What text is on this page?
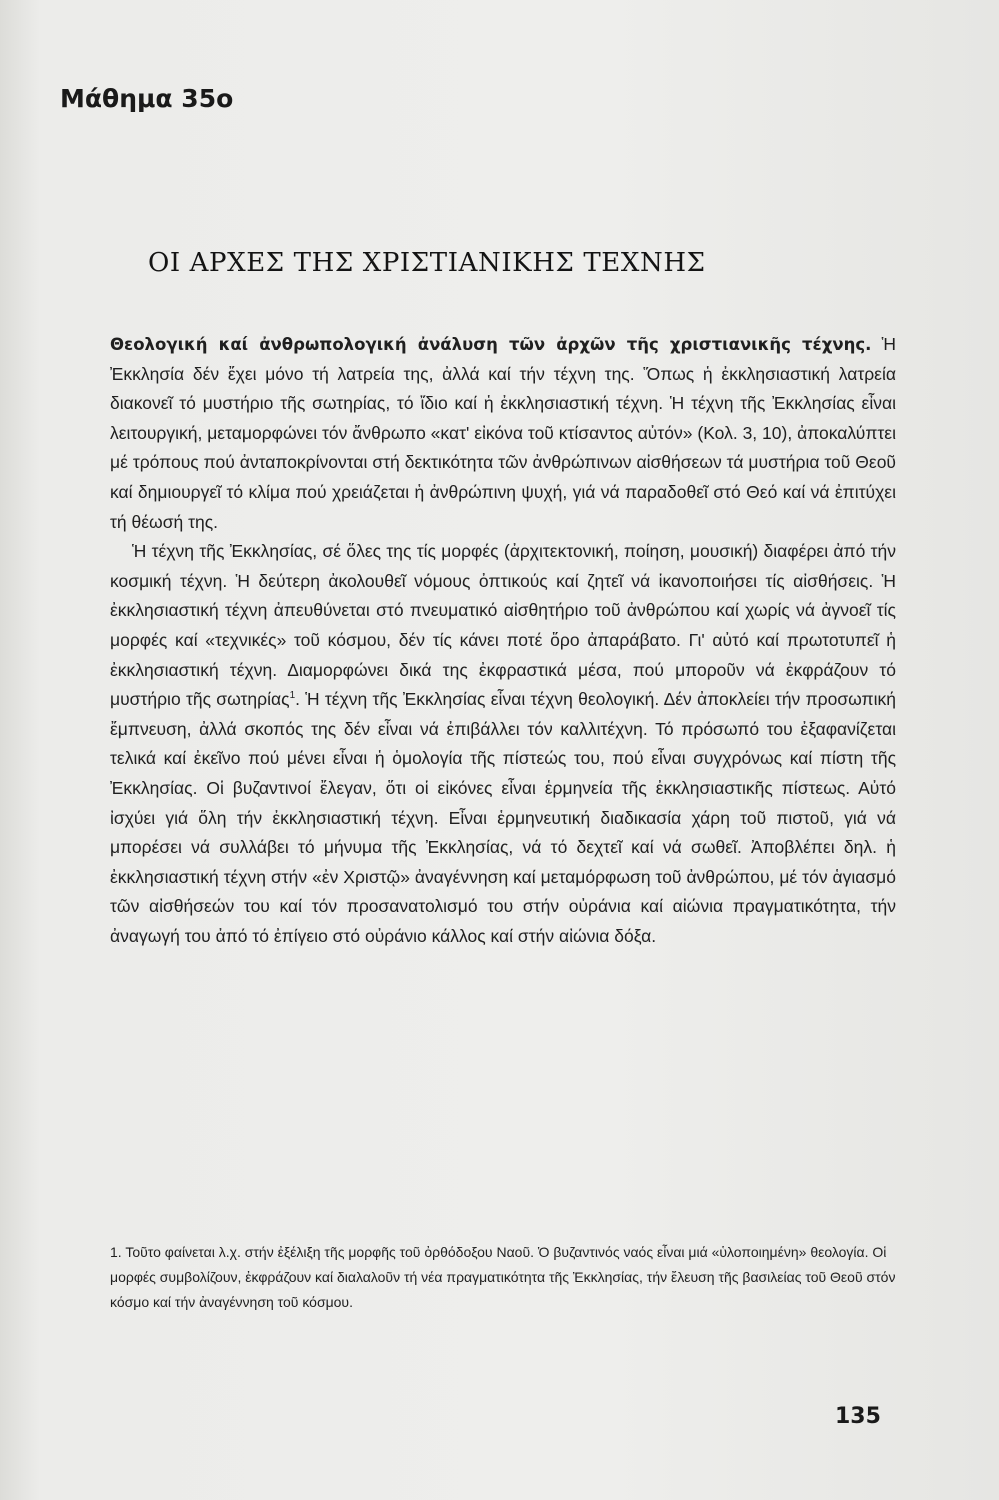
Μάθημα 35ο
ΟΙ ΑΡΧΕΣ ΤΗΣ ΧΡΙΣΤΙΑΝΙΚΗΣ ΤΕΧΝΗΣ

Θεολογική καί ἀνθρωπολογική ἀνάλυση τῶν ἀρχῶν τῆς χριστιανικῆς τέχνης. Ἡ Ἐκκλησία δέν ἔχει μόνο τή λατρεία της, ἀλλά καί τήν τέχνη της. Ὅπως ἡ ἐκκλησιαστική λατρεία διακονεῖ τό μυστήριο τῆς σωτηρίας, τό ἴδιο καί ἡ ἐκκλησιαστική τέχνη. Ἡ τέχνη τῆς Ἐκκλησίας εἶναι λειτουργική, μεταμορφώνει τόν ἄνθρωπο «κατ' εἰκόνα τοῦ κτίσαντος αὐτόν» (Κολ. 3, 10), ἀποκαλύπτει μέ τρόπους πού ἀνταποκρίνονται στή δεκτικότητα τῶν ἀνθρώπινων αἰσθήσεων τά μυστήρια τοῦ Θεοῦ καί δημιουργεῖ τό κλίμα πού χρειάζεται ἡ ἀνθρώπινη ψυχή, γιά νά παραδοθεῖ στό Θεό καί νά ἐπιτύχει τή θέωσή της.

Ἡ τέχνη τῆς Ἐκκλησίας, σέ ὅλες της τίς μορφές (ἀρχιτεκτονική, ποίηση, μουσική) διαφέρει ἀπό τήν κοσμική τέχνη. Ἡ δεύτερη ἀκολουθεῖ νόμους ὀπτικούς καί ζητεῖ νά ἱκανοποιήσει τίς αἰσθήσεις. Ἡ ἐκκλησιαστική τέχνη ἀπευθύνεται στό πνευματικό αἰσθητήριο τοῦ ἀνθρώπου καί χωρίς νά ἀγνοεῖ τίς μορφές καί «τεχνικές» τοῦ κόσμου, δέν τίς κάνει ποτέ ὅρο ἀπαράβατο. Γι' αὐτό καί πρωτοτυπεῖ ἡ ἐκκλησιαστική τέχνη. Διαμορφώνει δικά της ἐκφραστικά μέσα, πού μποροῦν νά ἐκφράζουν τό μυστήριο τῆς σωτηρίας$^1$. Ἡ τέχνη τῆς Ἐκκλησίας εἶναι τέχνη θεολογική. Δέν ἀποκλείει τήν προσωπική ἔμπνευση, ἀλλά σκοπός της δέν εἶναι νά ἐπιβάλλει τόν καλλιτέχνη. Τό πρόσωπό του ἐξαφανίζεται τελικά καί ἐκεῖνο πού μένει εἶναι ἡ ὁμολογία τῆς πίστεώς του, πού εἶναι συγχρόνως καί πίστη τῆς Ἐκκλησίας. Οἱ βυζαντινοί ἔλεγαν, ὅτι οἱ εἰκόνες εἶναι ἑρμηνεία τῆς ἐκκλησιαστικῆς πίστεως. Αὐτό ἰσχύει γιά ὅλη τήν ἐκκλησιαστική τέχνη. Εἶναι ἑρμηνευτική διαδικασία χάρη τοῦ πιστοῦ, γιά νά μπορέσει νά συλλάβει τό μήνυμα τῆς Ἐκκλησίας, νά τό δεχτεῖ καί νά σωθεῖ. Ἀποβλέπει δηλ. ἡ ἐκκλησιαστική τέχνη στήν «ἐν Χριστῷ» ἀναγέννηση καί μεταμόρφωση τοῦ ἀνθρώπου, μέ τόν ἁγιασμό τῶν αἰσθήσεών του καί τόν προσανατολισμό του στήν οὐράνια καί αἰώνια πραγματικότητα, τήν ἀναγωγή του ἀπό τό ἐπίγειο στό οὐράνιο κάλλος καί στήν αἰώνια δόξα.

1. Τοῦτο φαίνεται λ.χ. στήν ἐξέλιξη τῆς μορφῆς τοῦ ὀρθόδοξου Ναοῦ. Ὁ βυζαντινός ναός εἶναι μιά «ὑλοποιημένη» θεολογία. Οἱ μορφές συμβολίζουν, ἐκφράζουν καί διαλαλοῦν τή νέα πραγματικότητα τῆς Ἐκκλησίας, τήν ἔλευση τῆς βασιλείας τοῦ Θεοῦ στόν κόσμο καί τήν ἀναγέννηση τοῦ κόσμου.

135
